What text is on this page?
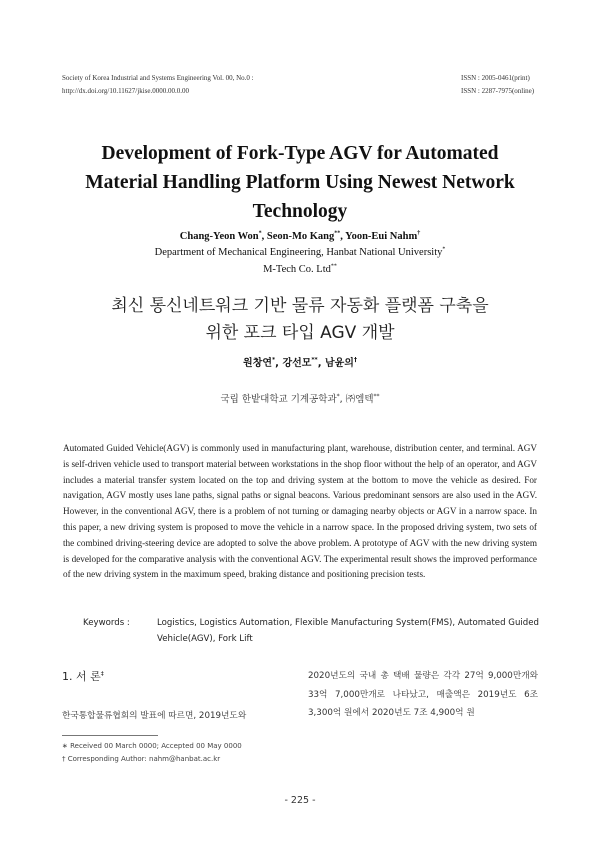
Society of Korea Industrial and Systems Engineering Vol. 00, No.0 :
http://dx.doi.org/10.11627/jkise.0000.00.0.00
ISSN : 2005-0461(print)
ISSN : 2287-7975(online)
Development of Fork-Type AGV for Automated
Material Handling Platform Using Newest Network
Technology
Chang-Yeon Won*, Seon-Mo Kang**, Yoon-Eui Nahm†
Department of Mechanical Engineering, Hanbat National University*
M-Tech Co. Ltd**
최신 통신네트워크 기반 물류 자동화 플랫폼 구축을
위한 포크 타입 AGV 개발
원창연*, 강선모**, 남윤의†
국립 한밭대학교 기계공학과*, ㈜엠텍**

Automated Guided Vehicle(AGV) is commonly used in manufacturing plant, warehouse, distribution center, and terminal. AGV is self-driven vehicle used to transport material between workstations in the shop floor without the help of an operator, and AGV includes a material transfer system located on the top and driving system at the bottom to move the vehicle as desired. For navigation, AGV mostly uses lane paths, signal paths or signal beacons. Various predominant sensors are also used in the AGV. However, in the conventional AGV, there is a problem of not turning or damaging nearby objects or AGV in a narrow space. In this paper, a new driving system is proposed to move the vehicle in a narrow space. In the proposed driving system, two sets of the combined driving-steering device are adopted to solve the above problem. A prototype of AGV with the new driving system is developed for the comparative analysis with the conventional AGV. The experimental result shows the improved performance of the new driving system in the maximum speed, braking distance and positioning precision tests.

Keywords :	Logistics, Logistics Automation, Flexible Manufacturing System(FMS), Automated Guided Vehicle(AGV), Fork Lift
1. 서 론‡

한국통합물류협회의 발표에 따르면, 2019년도와

2020년도의 국내 총 택배 물량은 각각 27억 9,000만개와 33억 7,000만개로 나타났고, 매출액은 2019년도 6조 3,300억 원에서 2020년도 7조 4,900억 원

∗ Received 00 March 0000; Accepted 00 May 0000
† Corresponding Author: nahm@hanbat.ac.kr
- 225 -
